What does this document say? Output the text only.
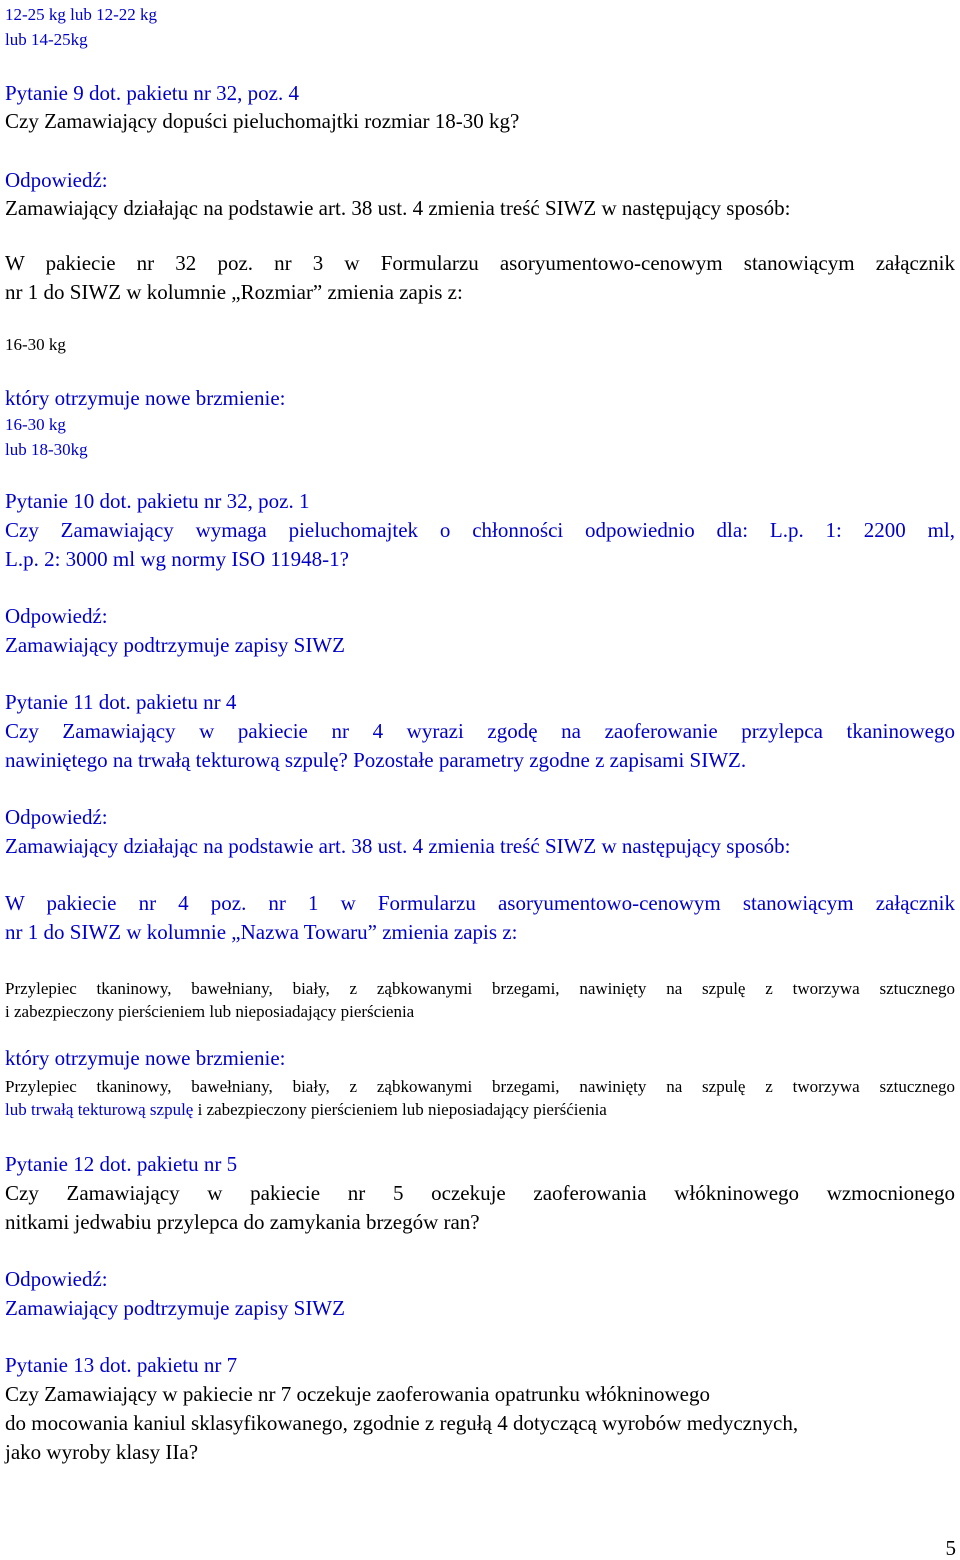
12-25 kg lub 12-22 kg
lub 14-25kg
Pytanie 9 dot. pakietu nr 32, poz. 4
Czy Zamawiający dopuści pieluchomajtki rozmiar 18-30 kg?
Odpowiedź:
Zamawiający działając na podstawie art. 38 ust. 4 zmienia treść SIWZ w następujący sposób:
W pakiecie nr 32 poz. nr 3 w Formularzu asoryumentowo-cenowym stanowiącym załącznik
nr 1 do SIWZ w kolumnie „Rozmiar” zmienia zapis z:
16-30 kg
który otrzymuje nowe brzmienie:
16-30 kg
lub 18-30kg
Pytanie 10 dot. pakietu nr 32, poz. 1
Czy Zamawiający wymaga pieluchomajtek o chłonności odpowiednio dla: L.p. 1: 2200 ml,
L.p. 2: 3000 ml wg normy ISO 11948-1?
Odpowiedź:
Zamawiający podtrzymuje zapisy SIWZ
Pytanie 11 dot. pakietu nr 4
Czy Zamawiający w pakiecie nr 4 wyrazi zgodę na zaoferowanie przylepca tkaninowego
nawiniętego na trwałą tekturową szpulę? Pozostałe parametry zgodne z zapisami SIWZ.
Odpowiedź:
Zamawiający działając na podstawie art. 38 ust. 4 zmienia treść SIWZ w następujący sposób:
W pakiecie nr 4 poz. nr 1 w Formularzu asoryumentowo-cenowym stanowiącym załącznik
nr 1 do SIWZ w kolumnie „Nazwa Towaru” zmienia zapis z:
Przylepiec tkaninowy, bawełniany, biały, z ząbkowanymi brzegami, nawinięty na szpulę z tworzywa sztucznego
i zabezpieczony pierścieniem lub nieposiadający pierścienia
który otrzymuje nowe brzmienie:
Przylepiec tkaninowy, bawełniany, biały, z ząbkowanymi brzegami, nawinięty na szpulę z tworzywa sztucznego
lub trwałą tekturową szpulę i zabezpieczony pierścieniem lub nieposiadający pierśćienia
Pytanie 12 dot. pakietu nr 5
Czy Zamawiający w pakiecie nr 5 oczekuje zaoferowania włókninowego wzmocnionego
nitkami jedwabiu przylepca do zamykania brzegów ran?
Odpowiedź:
Zamawiający podtrzymuje zapisy SIWZ
Pytanie 13 dot. pakietu nr 7
Czy Zamawiający w pakiecie nr 7 oczekuje zaoferowania opatrunku włókninowego
do mocowania kaniul sklasyfikowanego, zgodnie z regułą 4 dotyczącą wyrobów medycznych,
jako wyroby klasy IIa?
5
